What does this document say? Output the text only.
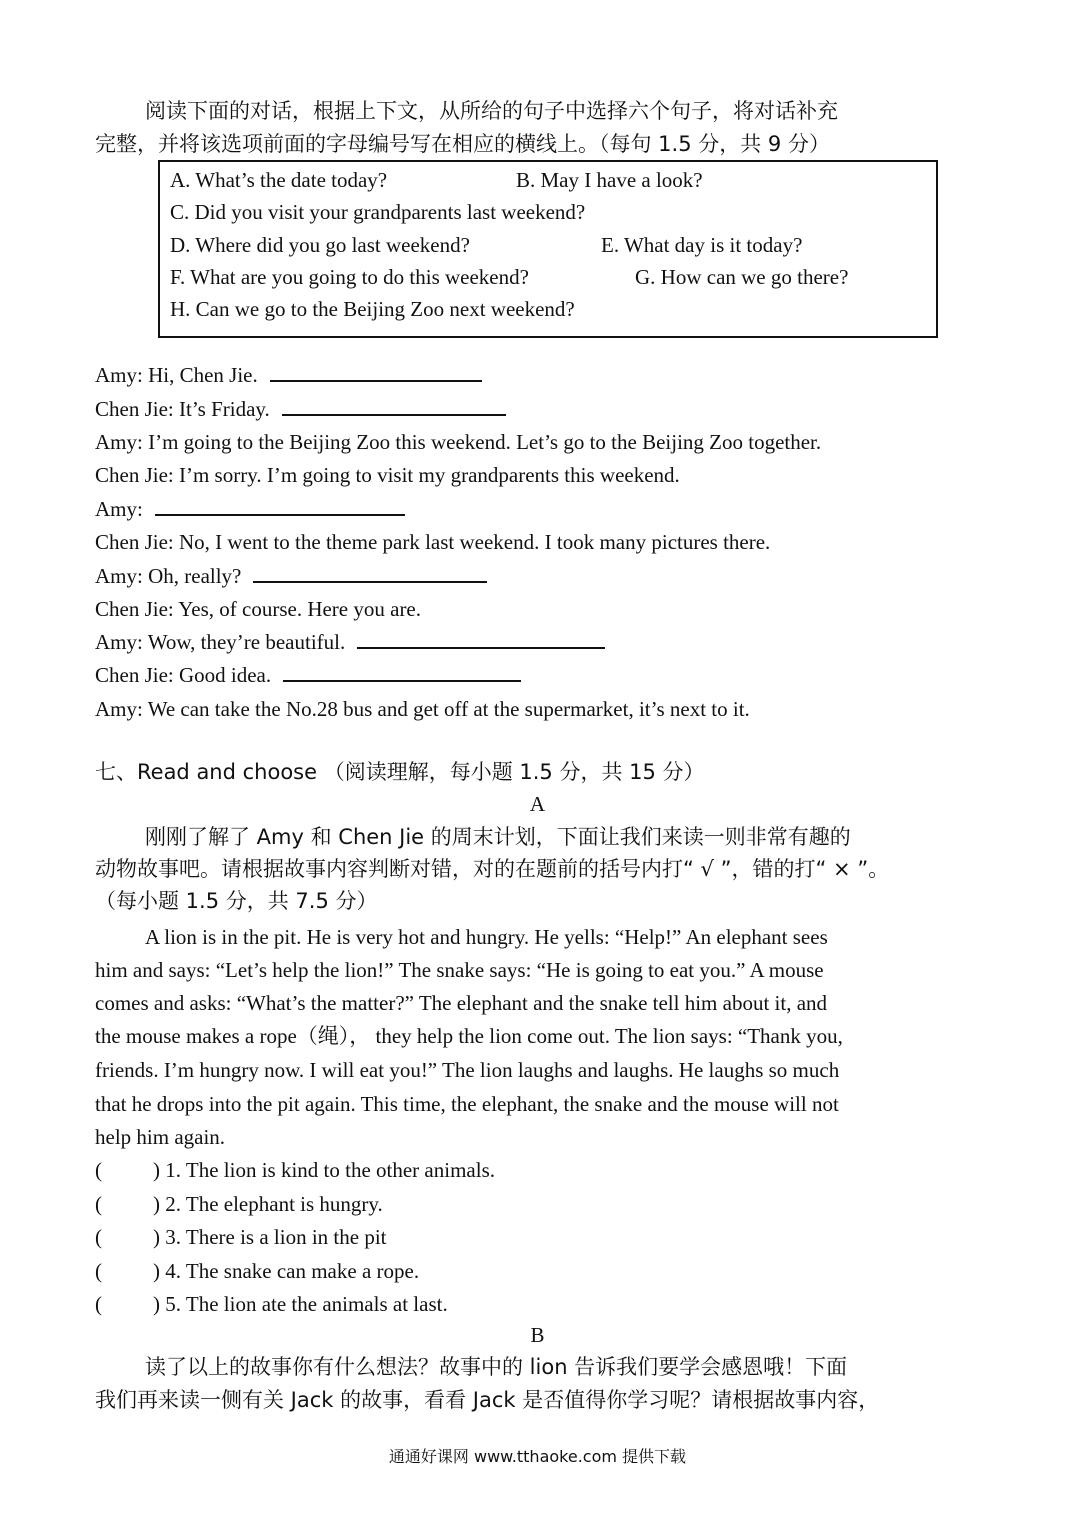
阅读下面的对话，根据上下文，从所给的句子中选择六个句子，将对话补充
完整，并将该选项前面的字母编号写在相应的横线上。（每句 1.5 分，共 9 分）
A. What’s the date today?	B. May I have a look?
C. Did you visit your grandparents last weekend?
D. Where did you go last weekend?	E. What day is it today?
F. What are you going to do this weekend?	G. How can we go there?
H. Can we go to the Beijing Zoo next weekend?
Amy: Hi, Chen Jie.
Chen Jie: It’s Friday.
Amy: I’m going to the Beijing Zoo this weekend. Let’s go to the Beijing Zoo together.
Chen Jie: I’m sorry. I’m going to visit my grandparents this weekend.
Amy:
Chen Jie: No, I went to the theme park last weekend. I took many pictures there.
Amy: Oh, really?
Chen Jie: Yes, of course. Here you are.
Amy: Wow, they’re beautiful.
Chen Jie: Good idea.
Amy: We can take the No.28 bus and get off at the supermarket, it’s next to it.
七、Read and choose （阅读理解，每小题 1.5 分，共 15 分）
A
刚刚了解了 Amy 和 Chen Jie 的周末计划，下面让我们来读一则非常有趣的
动物故事吧。请根据故事内容判断对错，对的在题前的括号内打“ √ ”，错的打“ × ”。
（每小题 1.5 分，共 7.5 分）
A lion is in the pit. He is very hot and hungry. He yells: “Help!” An elephant sees
him and says: “Let’s help the lion!” The snake says: “He is going to eat you.” A mouse
comes and asks: “What’s the matter?” The elephant and the snake tell him about it, and
the mouse makes a rope（绳）， they help the lion come out. The lion says: “Thank you,
friends. I’m hungry now. I will eat you!” The lion laughs and laughs. He laughs so much
that he drops into the pit again. This time, the elephant, the snake and the mouse will not
help him again.
( ) 1. The lion is kind to the other animals.
( ) 2. The elephant is hungry.
( ) 3. There is a lion in the pit
( ) 4. The snake can make a rope.
( ) 5. The lion ate the animals at last.
B
读了以上的故事你有什么想法？故事中的 lion 告诉我们要学会感恩哦！下面
我们再来读一侧有关 Jack 的故事，看看 Jack 是否值得你学习呢？请根据故事内容，
通通好课网 www.tthaoke.com 提供下载
